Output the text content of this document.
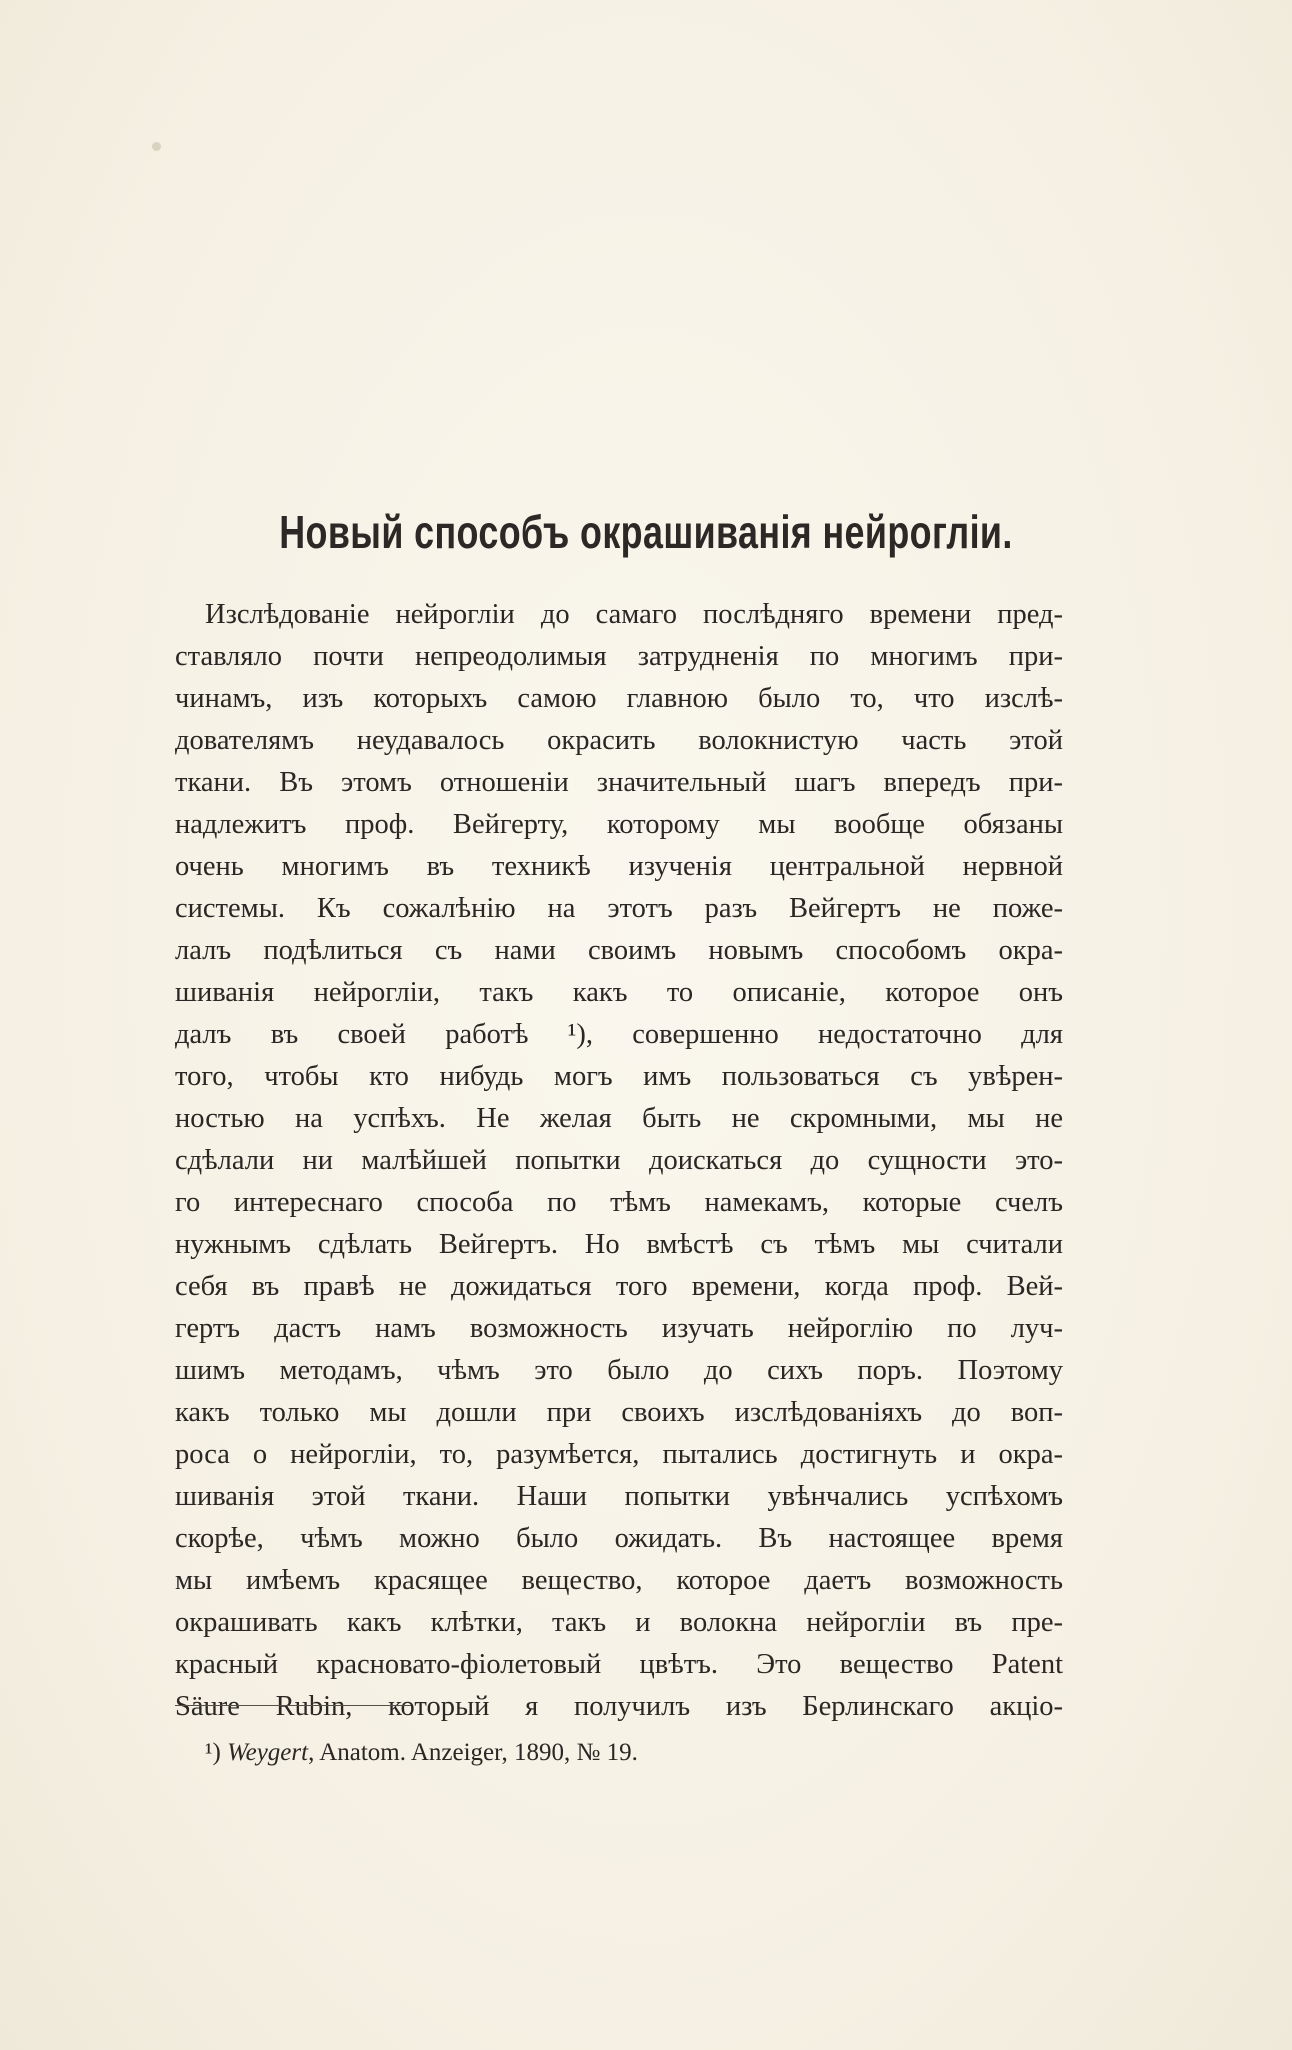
Новый способъ окрашиванія нейрогліи.
Изслѣдованіе нейрогліи до самаго послѣдняго времени пред-
ставляло почти непреодолимыя затрудненія по многимъ при-
чинамъ, изъ которыхъ самою главною было то, что изслѣ-
дователямъ неудавалось окрасить волокнистую часть этой
ткани. Въ этомъ отношеніи значительный шагъ впередъ при-
надлежитъ проф. Вейгерту, которому мы вообще обязаны
очень многимъ въ техникѣ изученія центральной нервной
системы. Къ сожалѣнію на этотъ разъ Вейгертъ не поже-
лалъ подѣлиться съ нами своимъ новымъ способомъ окра-
шиванія нейрогліи, такъ какъ то описаніе, которое онъ
далъ въ своей работѣ ¹), совершенно недостаточно для
того, чтобы кто нибудь могъ имъ пользоваться съ увѣрен-
ностью на успѣхъ. Не желая быть не скромными, мы не
сдѣлали ни малѣйшей попытки доискаться до сущности это-
го интереснаго способа по тѣмъ намекамъ, которые счелъ
нужнымъ сдѣлать Вейгертъ. Но вмѣстѣ съ тѣмъ мы считали
себя въ правѣ не дожидаться того времени, когда проф. Вей-
гертъ дастъ намъ возможность изучать нейроглію по луч-
шимъ методамъ, чѣмъ это было до сихъ поръ. Поэтому
какъ только мы дошли при своихъ изслѣдованіяхъ до воп-
роса о нейрогліи, то, разумѣется, пытались достигнуть и окра-
шиванія этой ткани. Наши попытки увѣнчались успѣхомъ
скорѣе, чѣмъ можно было ожидать. Въ настоящее время
мы имѣемъ красящее вещество, которое даетъ возможность
окрашивать какъ клѣтки, такъ и волокна нейрогліи въ пре-
красный красновато-фіолетовый цвѣтъ. Это вещество Patent
Säure Rubin, который я получилъ изъ Берлинскаго акціо-
¹) Weygert, Anatom. Anzeiger, 1890, № 19.
